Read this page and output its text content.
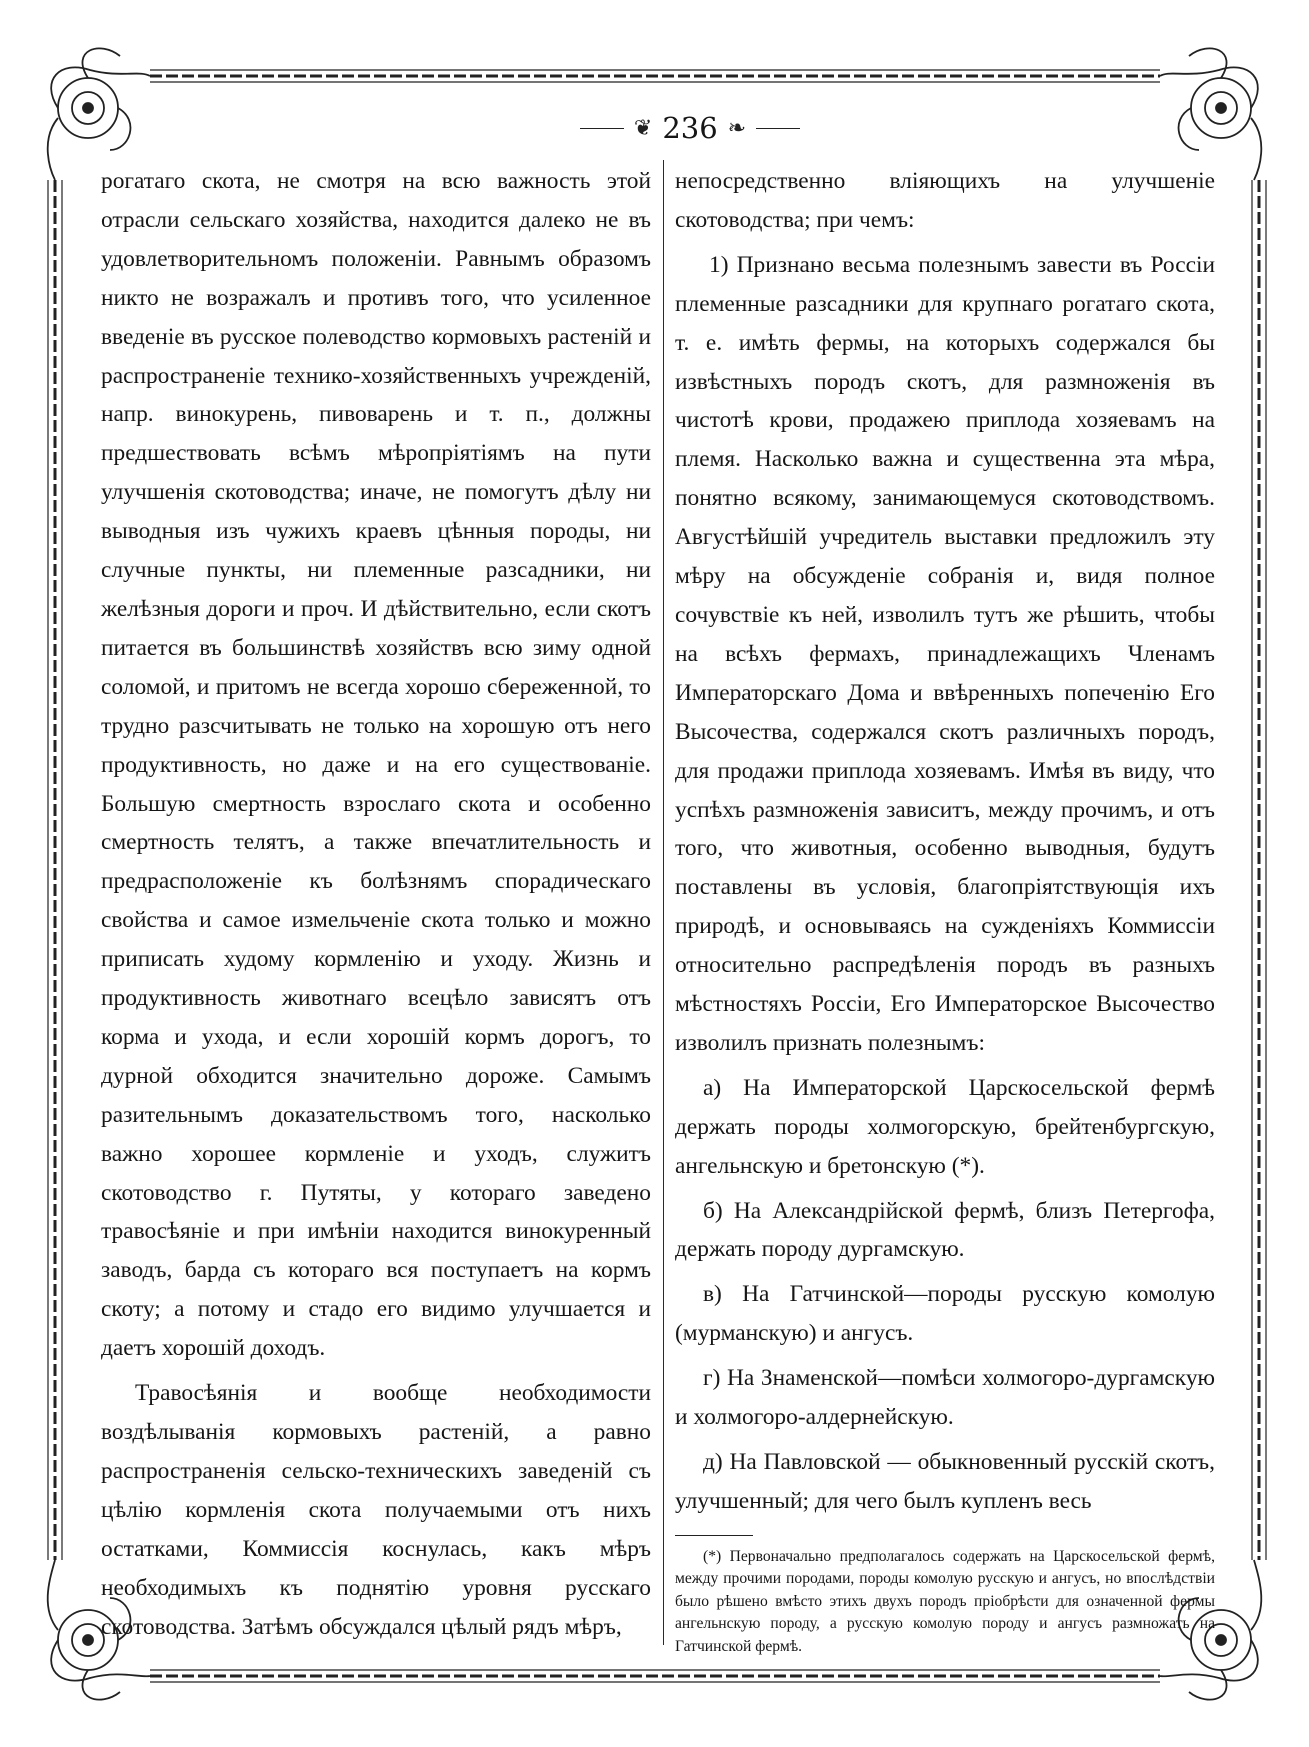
❦ 236 ❧

рогатаго скота, не смотря на всю важность этой отрасли сельскаго хозяйства, находится далеко не въ удовлетворительномъ положеніи. Равнымъ образомъ никто не возражалъ и противъ того, что усиленное введеніе въ русское полеводство кормовыхъ растеній и распространеніе технико-хозяйственныхъ учрежденій, напр. винокурень, пивоварень и т. п., должны предшествовать всѣмъ мѣропріятіямъ на пути улучшенія скотоводства; иначе, не помогутъ дѣлу ни выводныя изъ чужихъ краевъ цѣнныя породы, ни случные пункты, ни племенные разсадники, ни желѣзныя дороги и проч. И дѣйствительно, если скотъ питается въ большинствѣ хозяйствъ всю зиму одной соломой, и притомъ не всегда хорошо сбереженной, то трудно разсчитывать не только на хорошую отъ него продуктивность, но даже и на его существованіе. Большую смертность взрослаго скота и особенно смертность телятъ, а также впечатлительность и предрасположеніе къ болѣзнямъ спорадическаго свойства и самое измельченіе скота только и можно приписать худому кормленію и уходу. Жизнь и продуктивность животнаго всецѣло зависятъ отъ корма и ухода, и если хорошій кормъ дорогъ, то дурной обходится значительно дороже. Самымъ разительнымъ доказательствомъ того, насколько важно хорошее кормленіе и уходъ, служитъ скотоводство г. Путяты, у котораго заведено травосѣяніе и при имѣніи находится винокуренный заводъ, барда съ котораго вся поступаетъ на кормъ скоту; а потому и стадо его видимо улучшается и даетъ хорошій доходъ.

Травосѣянія и вообще необходимости воздѣлыванія кормовыхъ растеній, а равно распространенія сельско-техническихъ заведеній съ цѣлію кормленія скота получаемыми отъ нихъ остатками, Коммиссія коснулась, какъ мѣръ необходимыхъ къ поднятію уровня русскаго скотоводства. Затѣмъ обсуждался цѣлый рядъ мѣръ,

непосредственно вліяющихъ на улучшеніе скотоводства; при чемъ:

1) Признано весьма полезнымъ завести въ Россіи племенные разсадники для крупнаго рогатаго скота, т. е. имѣть фермы, на которыхъ содержался бы извѣстныхъ породъ скотъ, для размноженія въ чистотѣ крови, продажею приплода хозяевамъ на племя. Насколько важна и существенна эта мѣра, понятно всякому, занимающемуся скотоводствомъ. Августѣйшій учредитель выставки предложилъ эту мѣру на обсужденіе собранія и, видя полное сочувствіе къ ней, изволилъ тутъ же рѣшить, чтобы на всѣхъ фермахъ, принадлежащихъ Членамъ Императорскаго Дома и ввѣренныхъ попеченію Его Высочества, содержался скотъ различныхъ породъ, для продажи приплода хозяевамъ. Имѣя въ виду, что успѣхъ размноженія зависитъ, между прочимъ, и отъ того, что животныя, особенно выводныя, будутъ поставлены въ условія, благопріятствующія ихъ природѣ, и основываясь на сужденіяхъ Коммиссіи относительно распредѣленія породъ въ разныхъ мѣстностяхъ Россіи, Его Императорское Высочество изволилъ признать полезнымъ:

а) На Императорской Царскосельской фермѣ держать породы холмогорскую, брейтенбургскую, ангельнскую и бретонскую (*).

б) На Александрійской фермѣ, близъ Петергофа, держать породу дургамскую.

в) На Гатчинской—породы русскую комолую (мурманскую) и ангусъ.

г) На Знаменской—помѣси холмогоро-дургамскую и холмогоро-алдернейскую.

д) На Павловской — обыкновенный русскій скотъ, улучшенный; для чего былъ купленъ весь

(*) Первоначально предполагалось содержать на Царскосельской фермѣ, между прочими породами, породы комолую русскую и ангусъ, но впослѣдствіи было рѣшено вмѣсто этихъ двухъ породъ пріобрѣсти для означенной фермы ангельнскую породу, а русскую комолую породу и ангусъ размножать на Гатчинской фермѣ.
